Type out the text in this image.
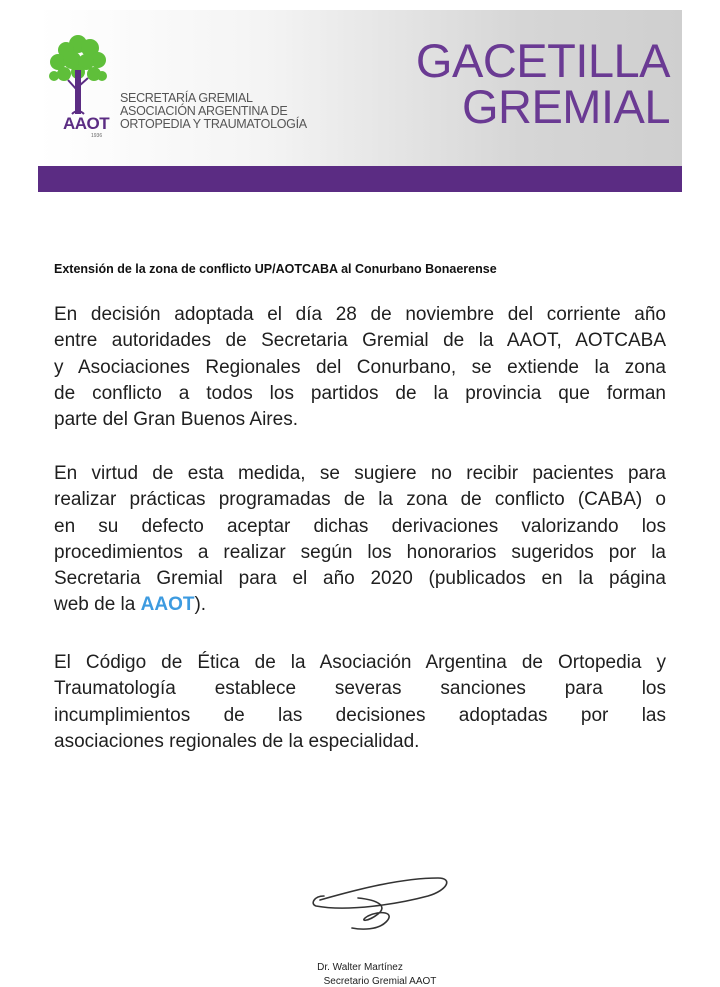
AAOT
1936
SECRETARÍA GREMIAL
ASOCIACIÓN ARGENTINA DE
ORTOPEDIA Y TRAUMATOLOGÍA
GACETILLA
GREMIAL
Extensión de la zona de conflicto UP/AOTCABA al Conurbano Bonaerense
En decisión adoptada el día 28 de noviembre del corriente año
entre autoridades de Secretaria Gremial de la AAOT, AOTCABA
y Asociaciones Regionales del Conurbano, se extiende la zona
de conflicto a todos los partidos de la provincia que forman
parte del Gran Buenos Aires.
En virtud de esta medida, se sugiere no recibir pacientes para
realizar prácticas programadas de la zona de conflicto (CABA) o
en su defecto aceptar dichas derivaciones valorizando los
procedimientos a realizar según los honorarios sugeridos por la
Secretaria Gremial para el año 2020 (publicados en la página
web de la AAOT).
El Código de Ética de la Asociación Argentina de Ortopedia y
Traumatología establece severas sanciones para los
incumplimientos de las decisiones adoptadas por las
asociaciones regionales de la especialidad.
Dr. Walter Martínez
Secretario Gremial AAOT
